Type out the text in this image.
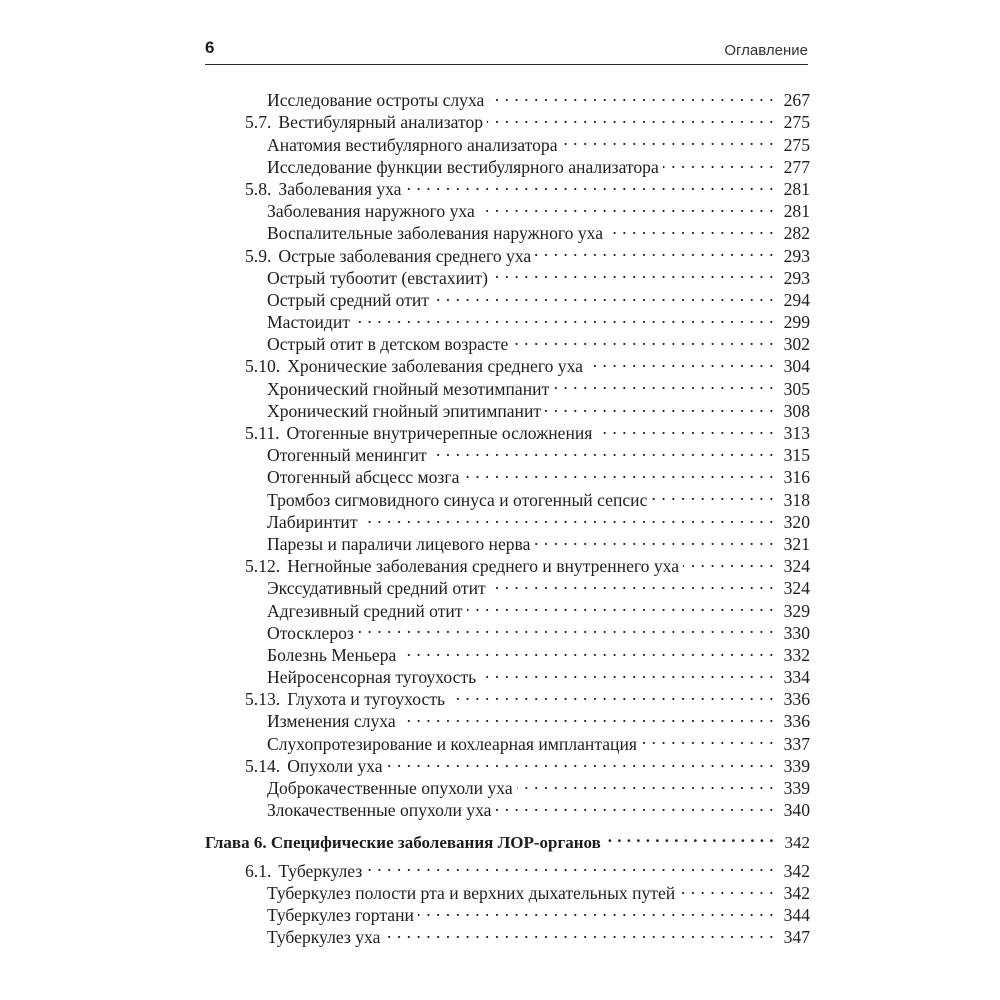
6	Оглавление
Исследование остроты слуха . . .	267
5.7. Вестибулярный анализатор . . .	275
Анатомия вестибулярного анализатора . . .	275
Исследование функции вестибулярного анализатора . . .	277
5.8. Заболевания уха . . .	281
Заболевания наружного уха . . .	281
Воспалительные заболевания наружного уха . . .	282
5.9. Острые заболевания среднего уха . . .	293
Острый тубоотит (евстахиит) . . .	293
Острый средний отит . . .	294
Мастоидит . . .	299
Острый отит в детском возрасте . . .	302
5.10. Хронические заболевания среднего уха . . .	304
Хронический гнойный мезотимпанит . . .	305
Хронический гнойный эпитимпанит . . .	308
5.11. Отогенные внутричерепные осложнения . . .	313
Отогенный менингит . . .	315
Отогенный абсцесс мозга . . .	316
Тромбоз сигмовидного синуса и отогенный сепсис . . .	318
Лабиринтит . . .	320
Парезы и параличи лицевого нерва . . .	321
5.12. Негнойные заболевания среднего и внутреннего уха . . .	324
Экссудативный средний отит . . .	324
Адгезивный средний отит . . .	329
Отосклероз . . .	330
Болезнь Меньера . . .	332
Нейросенсорная тугоухость . . .	334
5.13. Глухота и тугоухость . . .	336
Изменения слуха . . .	336
Слухопротезирование и кохлеарная имплантация . . .	337
5.14. Опухоли уха . . .	339
Доброкачественные опухоли уха . . .	339
Злокачественные опухоли уха . . .	340
Глава 6. Специфические заболевания ЛОР-органов . . .	342
6.1. Туберкулез . . .	342
Туберкулез полости рта и верхних дыхательных путей . . .	342
Туберкулез гортани . . .	344
Туберкулез уха . . .	347
